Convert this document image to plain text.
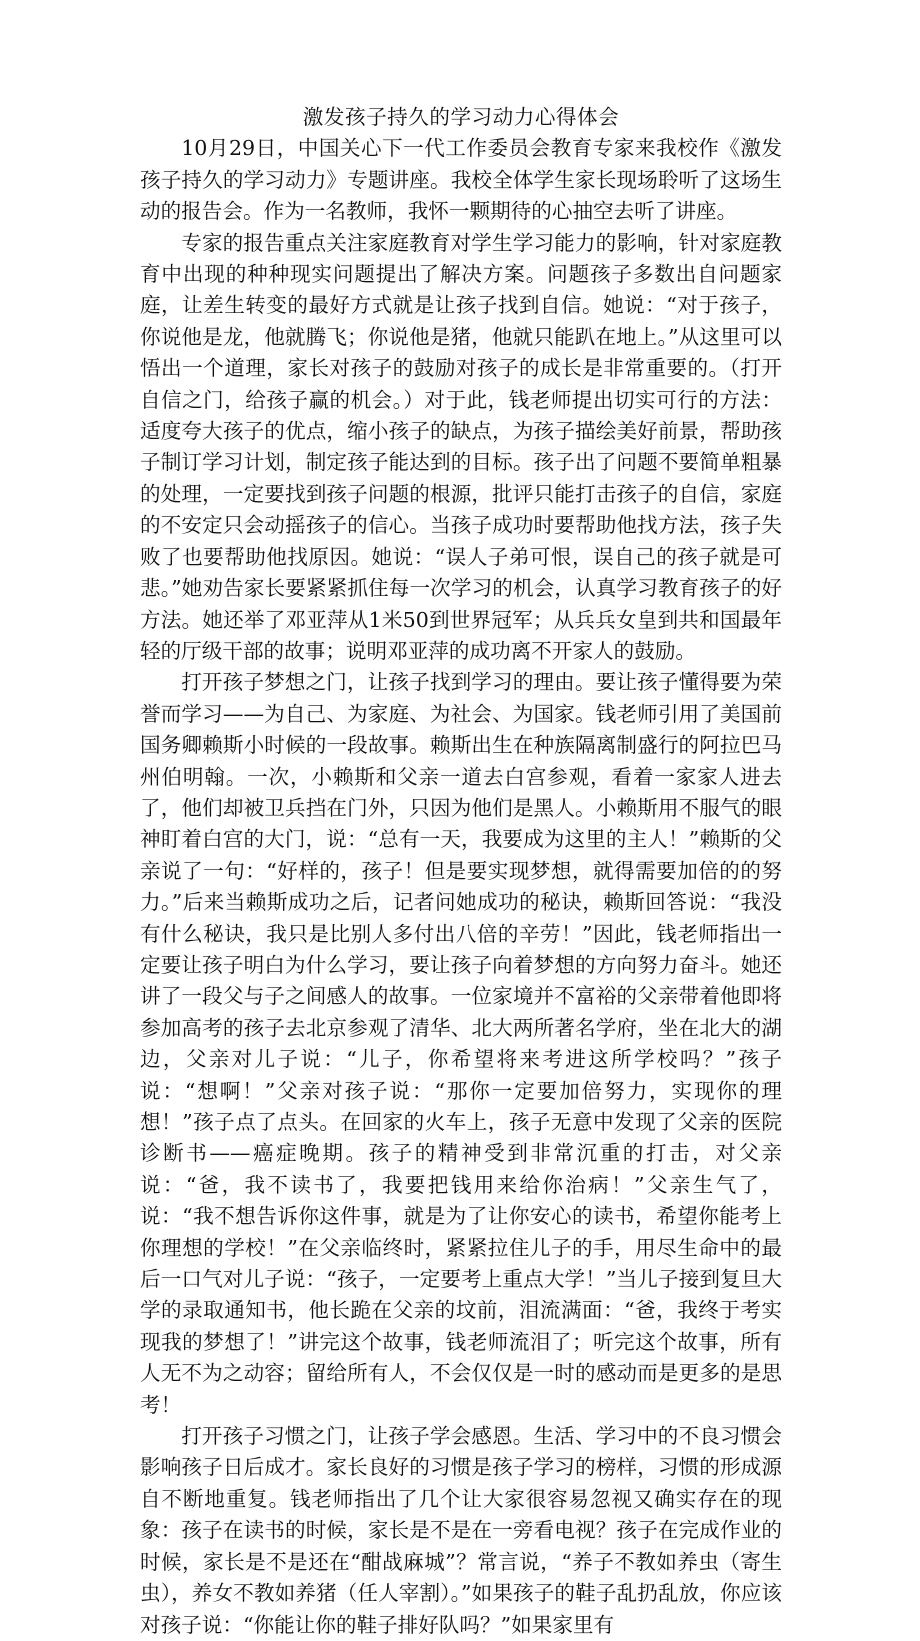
激发孩子持久的学习动力心得体会

10月29日，中国关心下一代工作委员会教育专家来我校作《激发孩子持久的学习动力》专题讲座。我校全体学生家长现场聆听了这场生动的报告会。作为一名教师，我怀一颗期待的心抽空去听了讲座。

专家的报告重点关注家庭教育对学生学习能力的影响，针对家庭教育中出现的种种现实问题提出了解决方案。问题孩子多数出自问题家庭，让差生转变的最好方式就是让孩子找到自信。她说：“对于孩子，你说他是龙，他就腾飞；你说他是猪，他就只能趴在地上。”从这里可以悟出一个道理，家长对孩子的鼓励对孩子的成长是非常重要的。（打开自信之门，给孩子赢的机会。）对于此，钱老师提出切实可行的方法：适度夸大孩子的优点，缩小孩子的缺点，为孩子描绘美好前景，帮助孩子制订学习计划，制定孩子能达到的目标。孩子出了问题不要简单粗暴的处理，一定要找到孩子问题的根源，批评只能打击孩子的自信，家庭的不安定只会动摇孩子的信心。当孩子成功时要帮助他找方法，孩子失败了也要帮助他找原因。她说：“误人子弟可恨，误自己的孩子就是可悲。”她劝告家长要紧紧抓住每一次学习的机会，认真学习教育孩子的好方法。她还举了邓亚萍从1米50到世界冠军；从兵兵女皇到共和国最年轻的厅级干部的故事；说明邓亚萍的成功离不开家人的鼓励。

打开孩子梦想之门，让孩子找到学习的理由。要让孩子懂得要为荣誉而学习——为自己、为家庭、为社会、为国家。钱老师引用了美国前国务卿赖斯小时候的一段故事。赖斯出生在种族隔离制盛行的阿拉巴马州伯明翰。一次，小赖斯和父亲一道去白宫参观，看着一家家人进去了，他们却被卫兵挡在门外，只因为他们是黑人。小赖斯用不服气的眼神盯着白宫的大门，说：“总有一天，我要成为这里的主人！”赖斯的父亲说了一句：“好样的，孩子！但是要实现梦想，就得需要加倍的的努力。”后来当赖斯成功之后，记者问她成功的秘诀，赖斯回答说：“我没有什么秘诀，我只是比别人多付出八倍的辛劳！”因此，钱老师指出一定要让孩子明白为什么学习，要让孩子向着梦想的方向努力奋斗。她还讲了一段父与子之间感人的故事。一位家境并不富裕的父亲带着他即将参加高考的孩子去北京参观了清华、北大两所著名学府，坐在北大的湖边，父亲对儿子说：“儿子，你希望将来考进这所学校吗？”孩子说：“想啊！”父亲对孩子说：“那你一定要加倍努力，实现你的理想！”孩子点了点头。在回家的火车上，孩子无意中发现了父亲的医院诊断书——癌症晚期。孩子的精神受到非常沉重的打击，对父亲说：“爸，我不读书了，我要把钱用来给你治病！”父亲生气了，说：“我不想告诉你这件事，就是为了让你安心的读书，希望你能考上你理想的学校！”在父亲临终时，紧紧拉住儿子的手，用尽生命中的最后一口气对儿子说：“孩子，一定要考上重点大学！”当儿子接到复旦大学的录取通知书，他长跪在父亲的坟前，泪流满面：“爸，我终于考实现我的梦想了！”讲完这个故事，钱老师流泪了；听完这个故事，所有人无不为之动容；留给所有人，不会仅仅是一时的感动而是更多的是思考！

打开孩子习惯之门，让孩子学会感恩。生活、学习中的不良习惯会影响孩子日后成才。家长良好的习惯是孩子学习的榜样，习惯的形成源自不断地重复。钱老师指出了几个让大家很容易忽视又确实存在的现象：孩子在读书的时候，家长是不是在一旁看电视？孩子在完成作业的时候，家长是不是还在“酣战麻城”？常言说，“养子不教如养虫（寄生虫），养女不教如养猪（任人宰割）。”如果孩子的鞋子乱扔乱放，你应该对孩子说：“你能让你的鞋子排好队吗？”如果家里有
